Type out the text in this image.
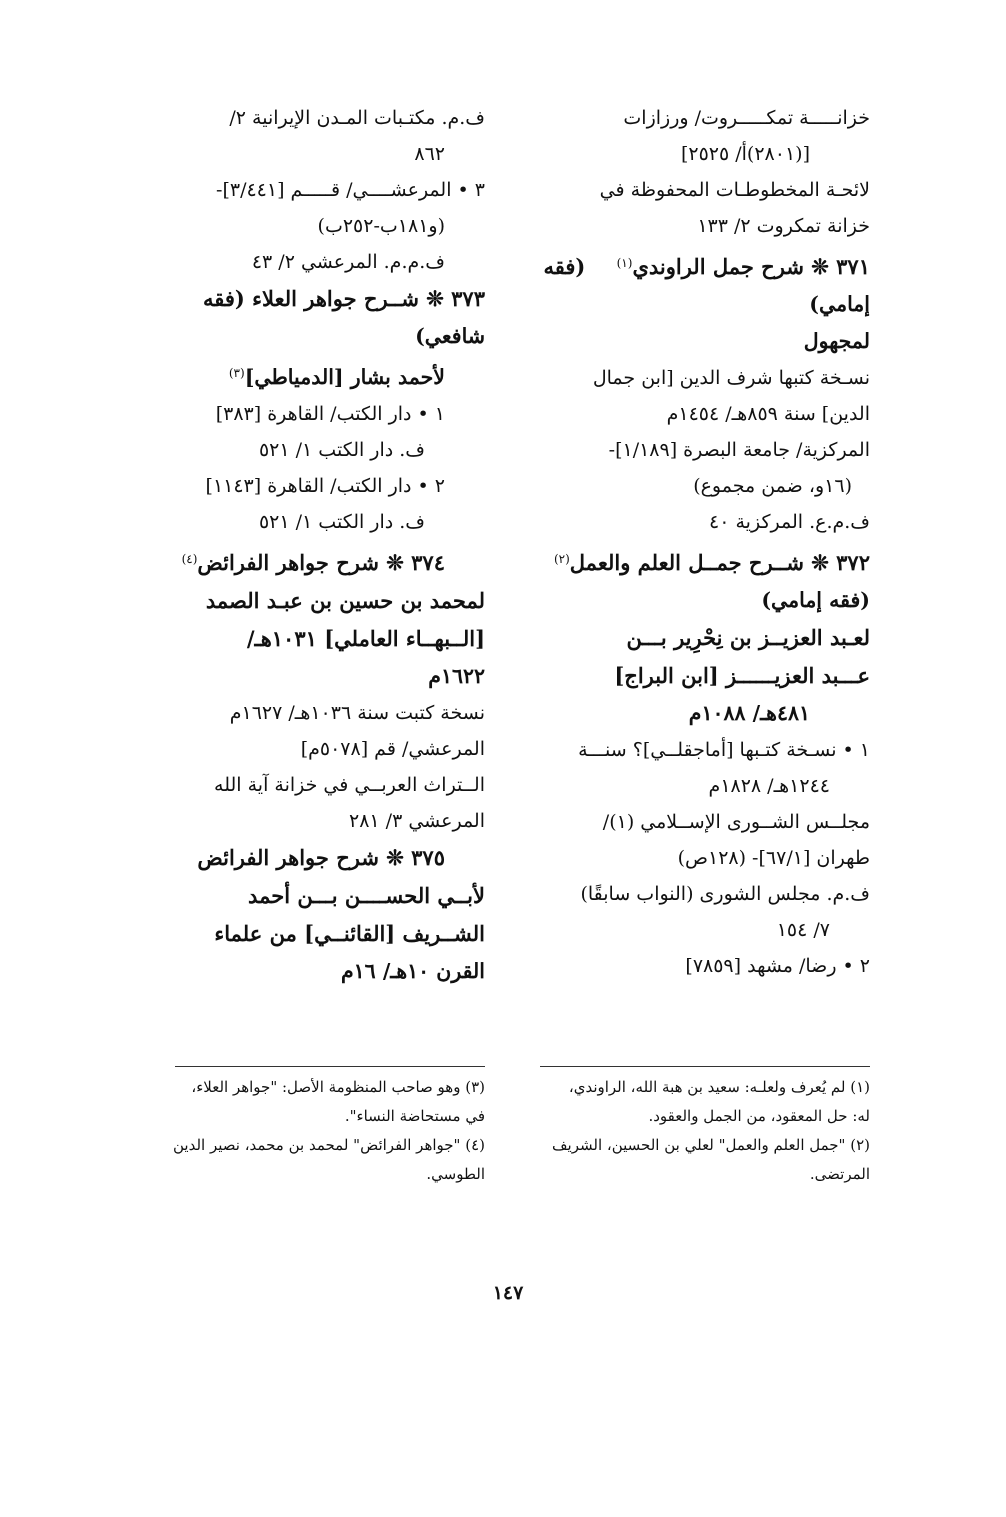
خزانـــــة تمكـــــروت/ ورزازات
[(٢٨٠١)أ/ ٢٥٢٥]
لائحـة المخطوطـات المحفوظة في
خزانة تمكروت ٢/ ١٣٣
٣٧١ ❊ شرح جمل الراوندي$^{(١)}$ (فقه
إمامي)
لمجهول
نسـخة كتبها شرف الدين [ابن جمال
الدين] سنة ٨٥٩هـ/ ١٤٥٤م
المركزية/ جامعة البصرة [١/١٨٩]-
(١٦و، ضمن مجموع)
ف.م.ع. المركزية ٤٠
٣٧٢ ❊ شــرح جمــل العلم والعمل$^{(٢)}$
(فقه إمامي)
لعـبد العزيــز بن نِحْرِير بـــن
عـــبد العزيــــــز [ابن البراج]
٤٨١هـ/ ١٠٨٨م
١ • نسـخة كتـبها [أماجقلــي]؟ سنـــة
١٢٤٤هـ/ ١٨٢٨م
مجلــس الشــورى الإســلامي (١)/
طهران [٦٧/١]- (١٢٨ص)
ف.م. مجلس الشورى (النواب سابقًا)
٧/ ١٥٤
٢ • رضا/ مشهد [٧٨٥٩]
ف.م. مكتـبات المـدن الإيرانية ٢/
٨٦٢
٣ • المرعشــــي/ قـــــم [٣/٤٤١]-
(و١٨١ب-٢٥٢ب)
ف.م.م. المرعشي ٢/ ٤٣
٣٧٣ ❊ شــرح جواهر العلاء (فقه
شافعي)
لأحمد بشار [الدمياطي]$^{(٣)}$
١ • دار الكتب/ القاهرة [٣٨٣]
ف. دار الكتب ١/ ٥٢١
٢ • دار الكتب/ القاهرة [١١٤٣]
ف. دار الكتب ١/ ٥٢١
٣٧٤ ❊ شرح جواهر الفرائض$^{(٤)}$
لمحمد بن حسين بن عبـد الصمد
[الــبهــاء العاملي] ١٠٣١هـ/
١٦٢٢م
نسخة كتبت سنة ١٠٣٦هـ/ ١٦٢٧م
المرعشي/ قم [٥٠٧٨م]
الــتراث العربــي في خزانة آية الله
المرعشي ٣/ ٢٨١
٣٧٥ ❊ شرح جواهر الفرائض
لأبــي الحســــن بـــن أحمد
الشــريف [القائنــي] من علماء
القرن ١٠هـ/ ١٦م
(١) لم يُعرف ولعلـه: سعيد بن هبة الله، الراوندي،
له: حل المعقود، من الجمل والعقود.
(٢) "جمل العلم والعمل" لعلي بن الحسين، الشريف
المرتضى.
(٣) وهو صاحب المنظومة الأصل: "جواهر العلاء،
في مستحاضة النساء".
(٤) "جواهر الفرائض" لمحمد بن محمد، نصير الدين
الطوسي.
١٤٧
